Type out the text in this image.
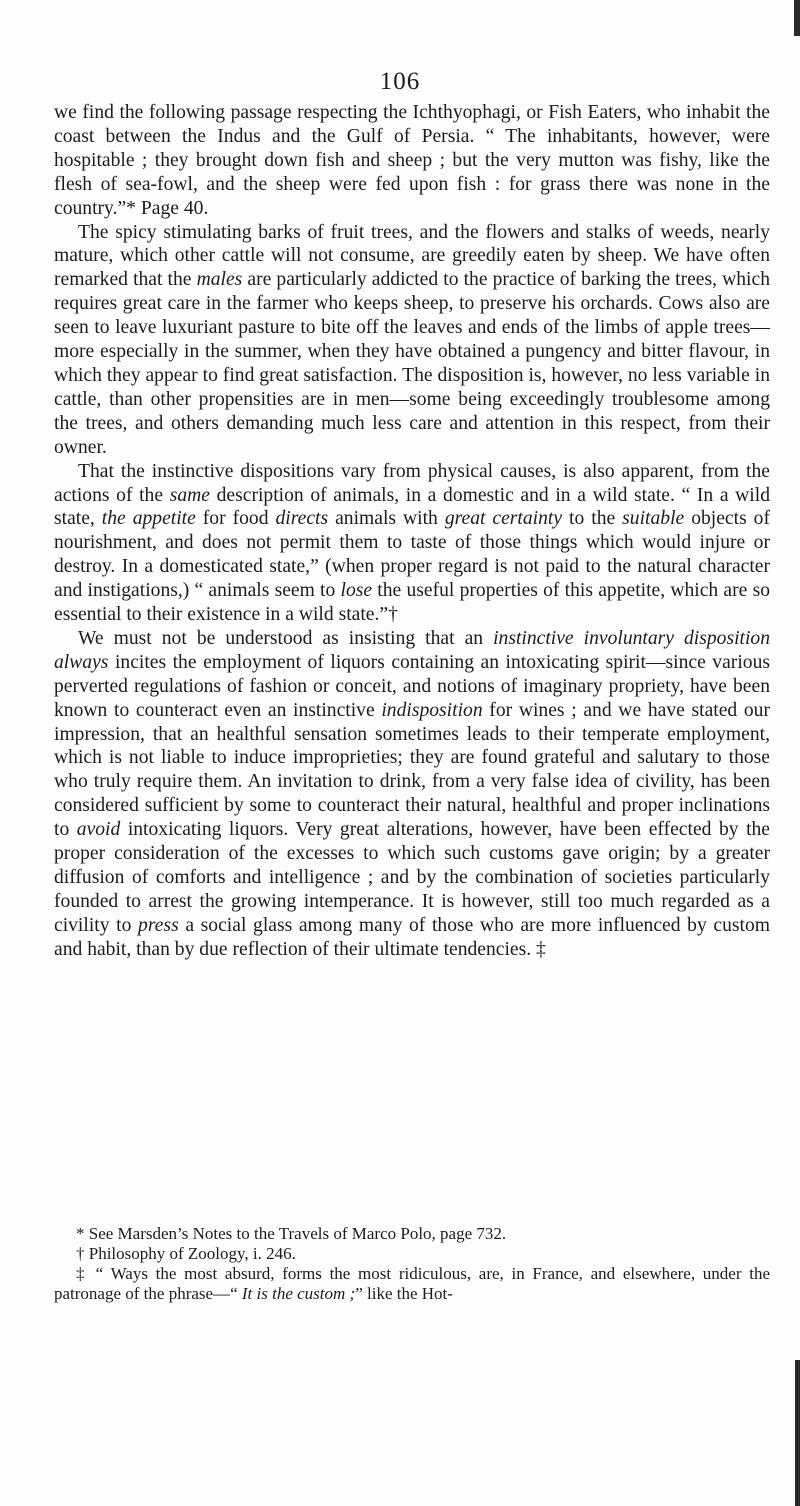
106

we find the following passage respecting the Ichthyophagi, or Fish Eaters, who inhabit the coast between the Indus and the Gulf of Persia. “ The inhabitants, however, were hospitable ; they brought down fish and sheep ; but the very mutton was fishy, like the flesh of sea-fowl, and the sheep were fed upon fish : for grass there was none in the country.”* Page 40.

The spicy stimulating barks of fruit trees, and the flowers and stalks of weeds, nearly mature, which other cattle will not consume, are greedily eaten by sheep. We have often remarked that the males are particularly addicted to the practice of barking the trees, which requires great care in the farmer who keeps sheep, to preserve his orchards. Cows also are seen to leave luxuriant pasture to bite off the leaves and ends of the limbs of apple trees—more especially in the summer, when they have obtained a pungency and bitter flavour, in which they appear to find great satisfaction. The disposition is, however, no less variable in cattle, than other propensities are in men—some being exceedingly troublesome among the trees, and others demanding much less care and attention in this respect, from their owner.

That the instinctive dispositions vary from physical causes, is also apparent, from the actions of the same description of animals, in a domestic and in a wild state. “ In a wild state, the appetite for food directs animals with great certainty to the suitable objects of nourishment, and does not permit them to taste of those things which would injure or destroy. In a domesticated state,” (when proper regard is not paid to the natural character and instigations,) “ animals seem to lose the useful properties of this appetite, which are so essential to their existence in a wild state.”†

We must not be understood as insisting that an instinctive involuntary disposition always incites the employment of liquors containing an intoxicating spirit—since various perverted regulations of fashion or conceit, and notions of imaginary propriety, have been known to counteract even an instinctive indisposition for wines ; and we have stated our impression, that an healthful sensation sometimes leads to their temperate employment, which is not liable to induce improprieties; they are found grateful and salutary to those who truly require them. An invitation to drink, from a very false idea of civility, has been considered sufficient by some to counteract their natural, healthful and proper inclinations to avoid intoxicating liquors. Very great alterations, however, have been effected by the proper consideration of the excesses to which such customs gave origin; by a greater diffusion of comforts and intelligence ; and by the combination of societies particularly founded to arrest the growing intemperance. It is however, still too much regarded as a civility to press a social glass among many of those who are more influenced by custom and habit, than by due reflection of their ultimate tendencies. ‡

* See Marsden’s Notes to the Travels of Marco Polo, page 732.

† Philosophy of Zoology, i. 246.

‡ “ Ways the most absurd, forms the most ridiculous, are, in France, and elsewhere, under the patronage of the phrase—“ It is the custom ;” like the Hot-
